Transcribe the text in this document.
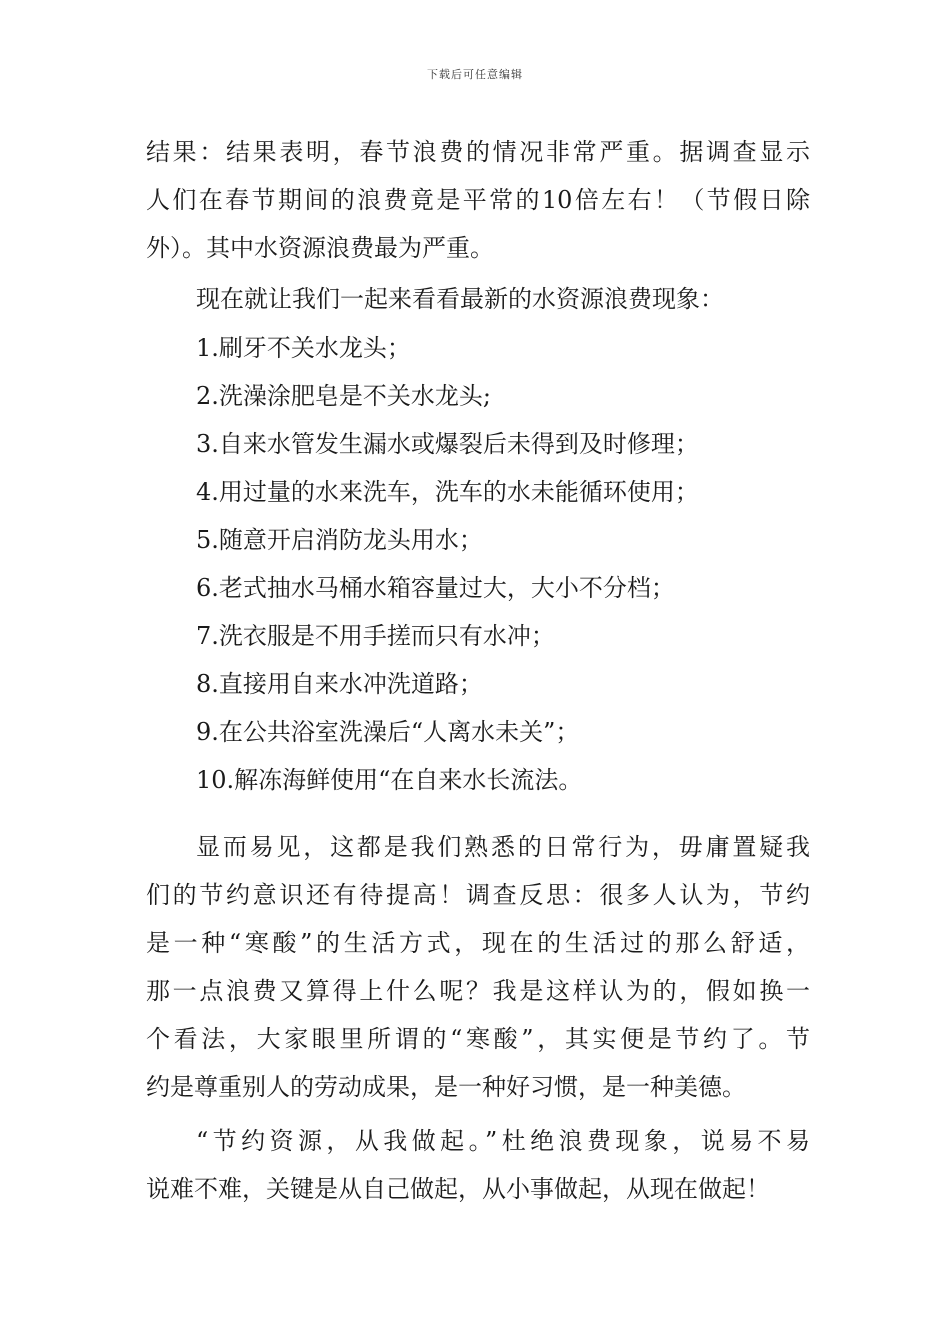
下载后可任意编辑
结果：结果表明，春节浪费的情况非常严重。据调查显示
人们在春节期间的浪费竟是平常的10倍左右！（节假日除
外）。其中水资源浪费最为严重。
现在就让我们一起来看看最新的水资源浪费现象：
1.刷牙不关水龙头；
2.洗澡涂肥皂是不关水龙头;
3.自来水管发生漏水或爆裂后未得到及时修理；
4.用过量的水来洗车，洗车的水未能循环使用；
5.随意开启消防龙头用水；
6.老式抽水马桶水箱容量过大，大小不分档；
7.洗衣服是不用手搓而只有水冲；
8.直接用自来水冲洗道路；
9.在公共浴室洗澡后“人离水未关”；
10.解冻海鲜使用“在自来水长流法。
显而易见，这都是我们熟悉的日常行为，毋庸置疑我
们的节约意识还有待提高！调查反思：很多人认为，节约
是一种“寒酸”的生活方式，现在的生活过的那么舒适，
那一点浪费又算得上什么呢？我是这样认为的，假如换一
个看法，大家眼里所谓的“寒酸”，其实便是节约了。节
约是尊重别人的劳动成果，是一种好习惯，是一种美德。
“节约资源，从我做起。”杜绝浪费现象，说易不易
说难不难，关键是从自己做起，从小事做起，从现在做起！
